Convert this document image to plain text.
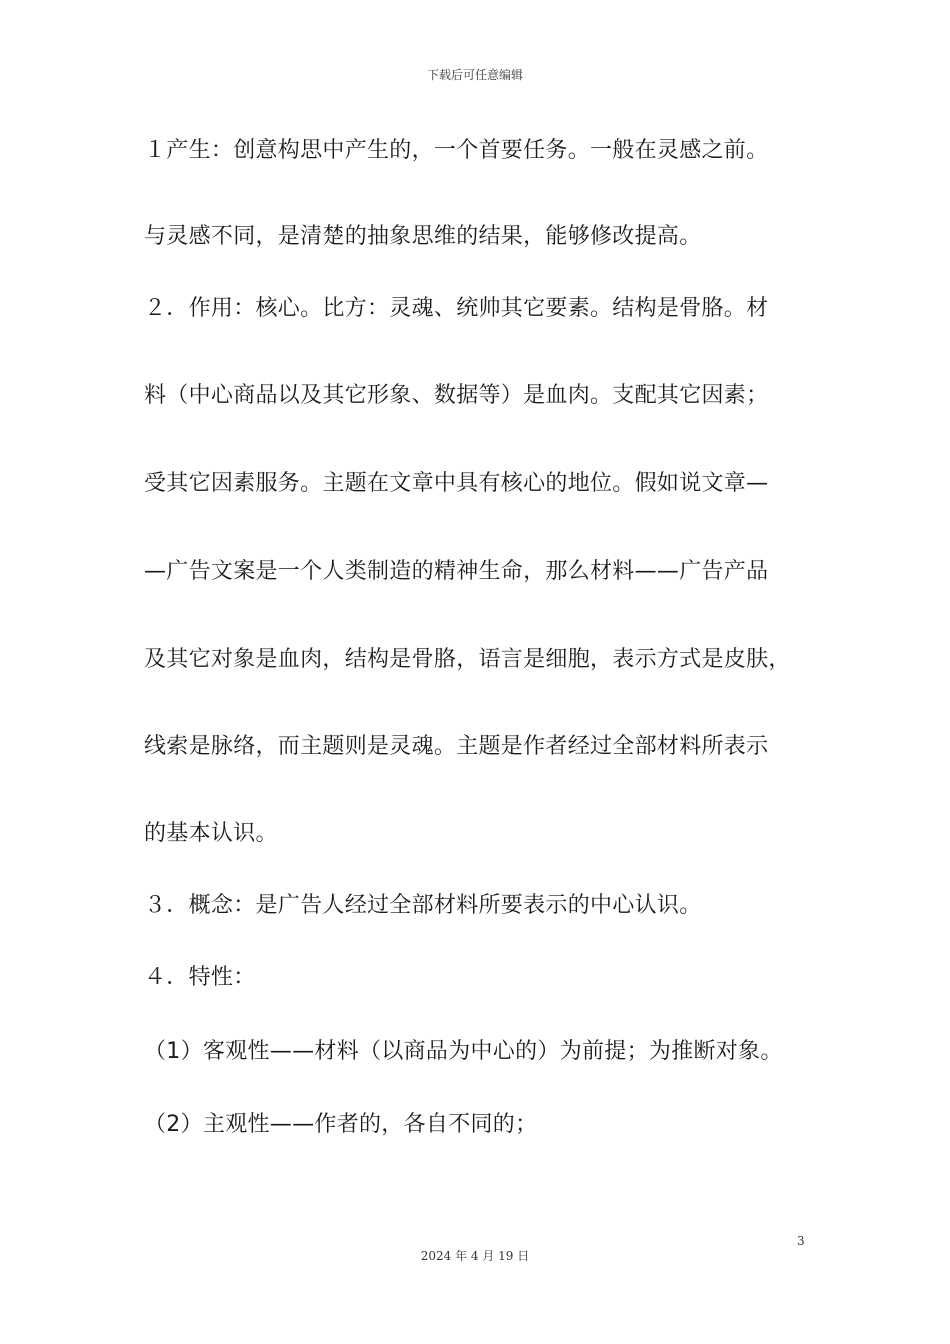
下载后可任意编辑
１产生：创意构思中产生的，一个首要任务。一般在灵感之前。
与灵感不同，是清楚的抽象思维的结果，能够修改提高。
２．作用：核心。比方：灵魂、统帅其它要素。结构是骨胳。材
料（中心商品以及其它形象、数据等）是血肉。支配其它因素；
受其它因素服务。主题在文章中具有核心的地位。假如说文章—
—广告文案是一个人类制造的精神生命，那么材料——广告产品
及其它对象是血肉，结构是骨胳，语言是细胞，表示方式是皮肤，
线索是脉络，而主题则是灵魂。主题是作者经过全部材料所表示
的基本认识。
３．概念：是广告人经过全部材料所要表示的中心认识。
４．特性：
（1）客观性——材料（以商品为中心的）为前提；为推断对象。
（2）主观性——作者的，各自不同的；
3
2024 年 4 月 19 日
